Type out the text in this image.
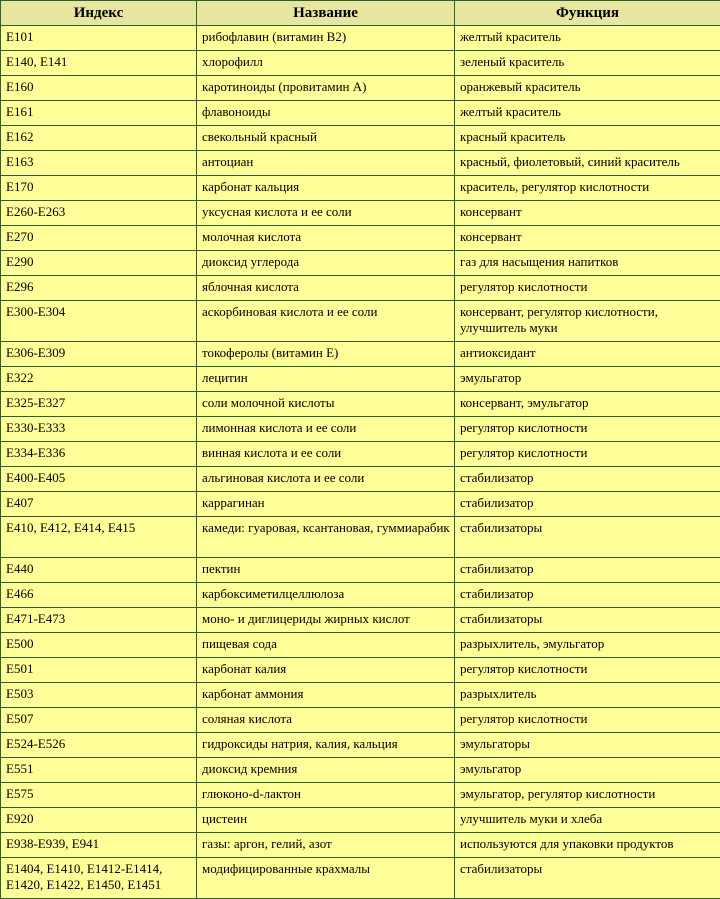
Индекс	Название	Функция
E101	рибофлавин (витамин B2)	желтый краситель
E140, E141	хлорофилл	зеленый краситель
E160	каротиноиды (провитамин А)	оранжевый краситель
E161	флавоноиды	желтый краситель
E162	свекольный красный	красный краситель
E163	антоциан	красный, фиолетовый, синий краситель
E170	карбонат кальция	краситель, регулятор кислотности
E260-E263	уксусная кислота и ее соли	консервант
E270	молочная кислота	консервант
E290	диоксид углерода	газ для насыщения напитков
E296	яблочная кислота	регулятор кислотности
E300-E304	аскорбиновая кислота и ее соли	консервант, регулятор кислотности, улучшитель муки
E306-E309	токоферолы (витамин Е)	антиоксидант
E322	лецитин	эмульгатор
E325-E327	соли молочной кислоты	консервант, эмульгатор
E330-E333	лимонная кислота и ее соли	регулятор кислотности
E334-E336	винная кислота и ее соли	регулятор кислотности
E400-E405	альгиновая кислота и ее соли	стабилизатор
E407	каррагинан	стабилизатор
E410, E412, E414, E415	камеди: гуаровая, ксантановая, гуммиарабик	стабилизаторы
E440	пектин	стабилизатор
E466	карбоксиметилцеллюлоза	стабилизатор
E471-E473	моно- и диглицериды жирных кислот	стабилизаторы
E500	пищевая сода	разрыхлитель, эмульгатор
E501	карбонат калия	регулятор кислотности
E503	карбонат аммония	разрыхлитель
E507	соляная кислота	регулятор кислотности
E524-E526	гидроксиды натрия, калия, кальция	эмульгаторы
E551	диоксид кремния	эмульгатор
E575	глюконо-d-лактон	эмульгатор, регулятор кислотности
E920	цистеин	улучшитель муки и хлеба
E938-E939, E941	газы: аргон, гелий, азот	используются для упаковки продуктов
E1404, E1410, E1412-E1414, E1420, E1422, E1450, E1451	модифицированные крахмалы	стабилизаторы
